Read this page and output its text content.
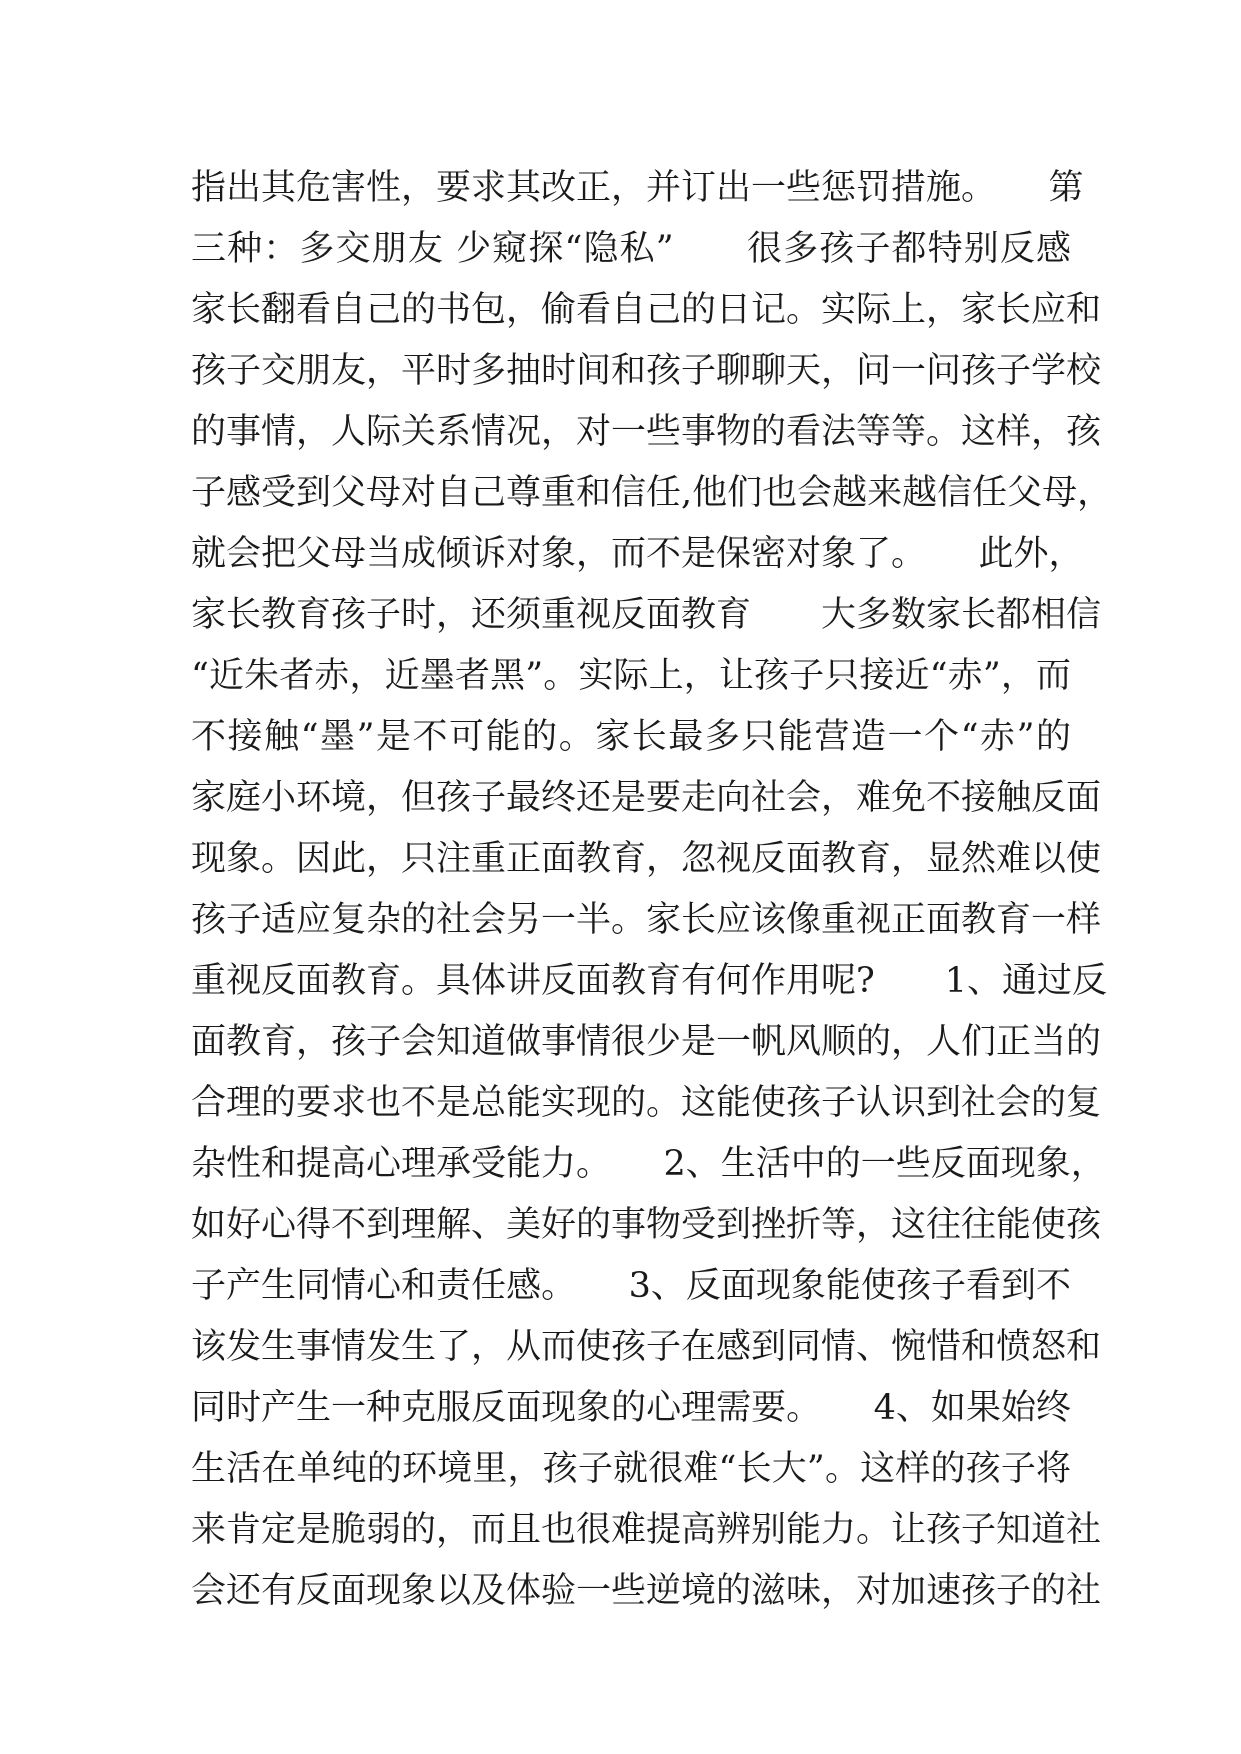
指出其危害性，要求其改正，并订出一些惩罚措施。　　第
三种：多交朋友 少窥探“隐私”　　很多孩子都特别反感
家长翻看自己的书包，偷看自己的日记。实际上，家长应和
孩子交朋友，平时多抽时间和孩子聊聊天，问一问孩子学校
的事情，人际关系情况，对一些事物的看法等等。这样，孩
子感受到父母对自己尊重和信任,他们也会越来越信任父母，
就会把父母当成倾诉对象，而不是保密对象了。　　此外，
家长教育孩子时，还须重视反面教育　　大多数家长都相信
“近朱者赤，近墨者黑”。实际上，让孩子只接近“赤”，而
不接触“墨”是不可能的。家长最多只能营造一个“赤”的
家庭小环境，但孩子最终还是要走向社会，难免不接触反面
现象。因此，只注重正面教育，忽视反面教育，显然难以使
孩子适应复杂的社会另一半。家长应该像重视正面教育一样
重视反面教育。具体讲反面教育有何作用呢?　　1、通过反
面教育，孩子会知道做事情很少是一帆风顺的，人们正当的
合理的要求也不是总能实现的。这能使孩子认识到社会的复
杂性和提高心理承受能力。　　2、生活中的一些反面现象，
如好心得不到理解、美好的事物受到挫折等，这往往能使孩
子产生同情心和责任感。　　3、反面现象能使孩子看到不
该发生事情发生了，从而使孩子在感到同情、惋惜和愤怒和
同时产生一种克服反面现象的心理需要。　　4、如果始终
生活在单纯的环境里，孩子就很难“长大”。这样的孩子将
来肯定是脆弱的，而且也很难提高辨别能力。让孩子知道社
会还有反面现象以及体验一些逆境的滋味，对加速孩子的社
